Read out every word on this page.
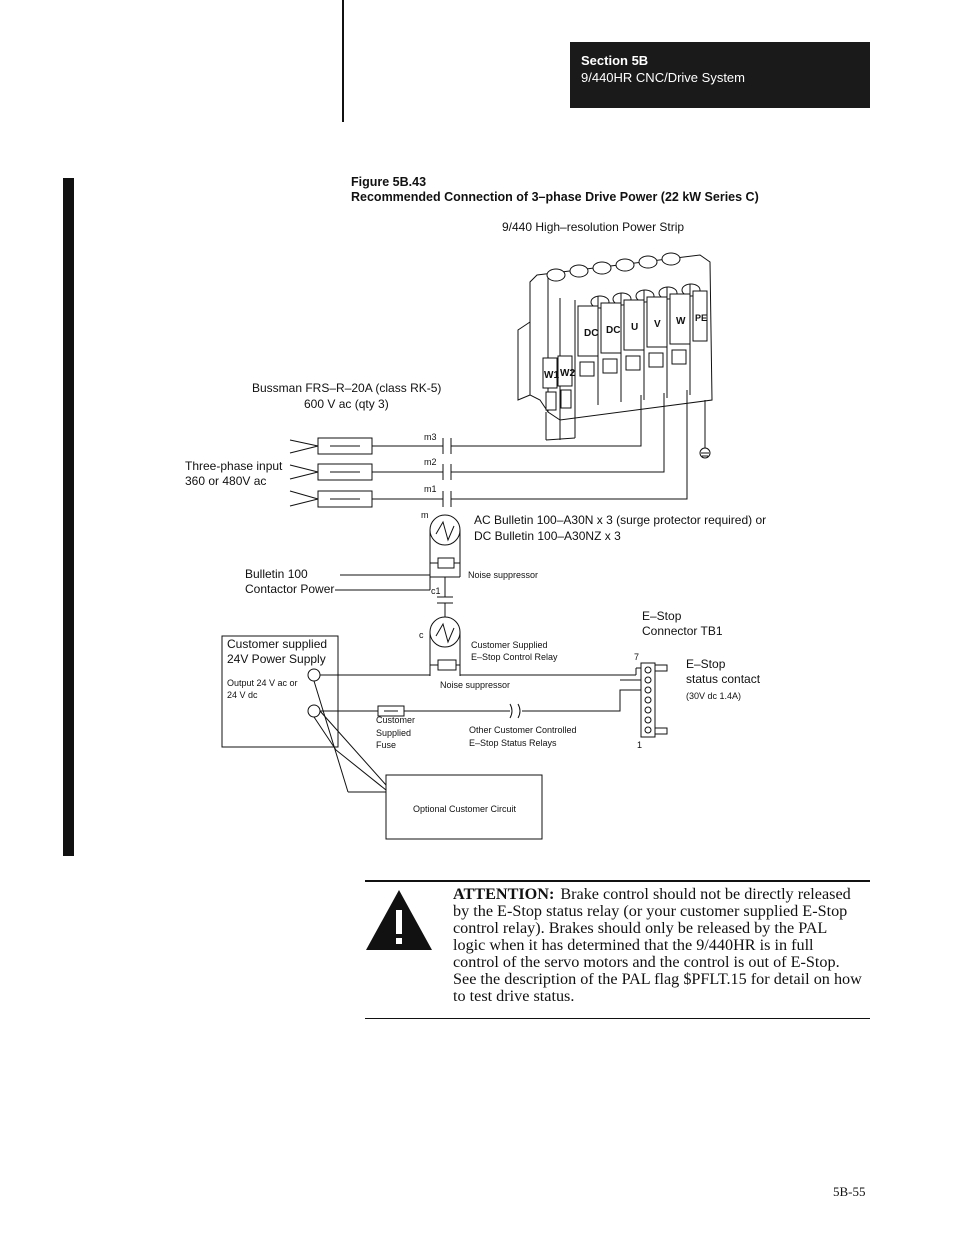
Section 5B
9/440HR CNC/Drive System
Figure 5B.43
Recommended Connection of 3–phase Drive Power (22 kW Series C)
W1 W2
DC DC U V W PE
9/440 High–resolution Power Strip
Bussman FRS–R–20A (class RK-5)
600 V ac (qty 3)
Three-phase input
360 or 480V ac
m3
m2
m1
m	AC Bulletin 100–A30N x 3 (surge protector required) or
DC Bulletin 100–A30NZ x 3
Noise suppressor
Bulletin 100
Contactor Power	c1
c
E–Stop
Connector TB1
Customer Supplied
E–Stop Control Relay
Customer supplied
24V Power Supply
Output 24 V ac or
24 V dc
7
1
E–Stop
status contact
(30V dc 1.4A)
Noise suppressor
Customer
Supplied
Fuse
Other Customer Controlled
E–Stop Status Relays
Optional Customer Circuit
ATTENTION: Brake control should not be directly released by the E-Stop status relay (or your customer supplied E-Stop control relay). Brakes should only be released by the PAL logic when it has determined that the 9/440HR is in full control of the servo motors and the control is out of E-Stop. See the description of the PAL flag $PFLT.15 for detail on how to test drive status.
5B-55
